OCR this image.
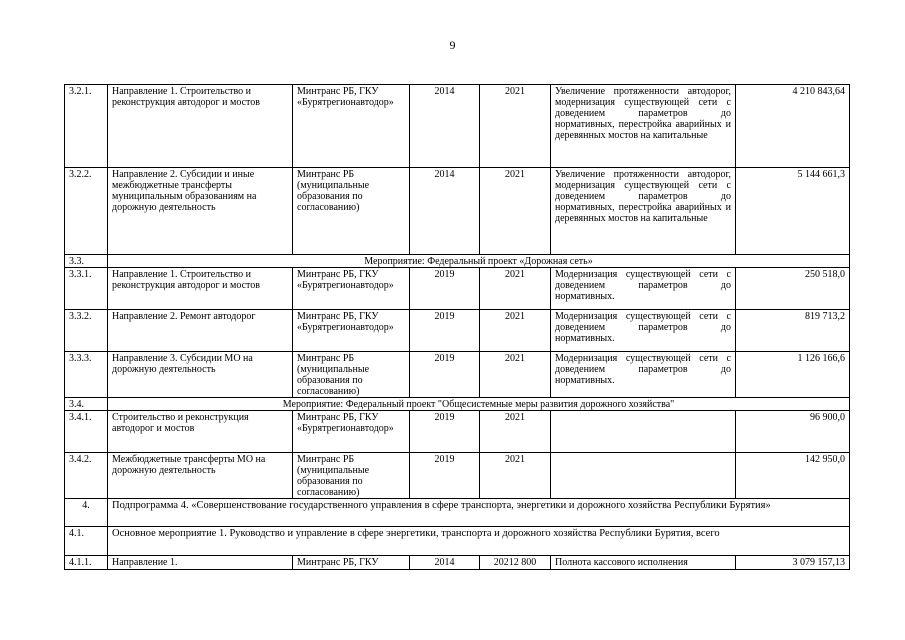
9
3.2.1.	Направление 1. Строительство и реконструкция автодорог и мостов	Минтранс РБ, ГКУ «Бурятрегионавтодор»	2014	2021	Увеличение протяженности автодорог, модернизация существующей сети с доведением параметров до нормативных, перестройка аварийных и деревянных мостов на капитальные	4 210 843,64
3.2.2.	Направление 2. Субсидии и иные межбюджетные трансферты муниципальным образованиям на дорожную деятельность	Минтранс РБ (муниципальные образования по согласованию)	2014	2021	Увеличение протяженности автодорог, модернизация существующей сети с доведением параметров до нормативных, перестройка аварийных и деревянных мостов на капитальные	5 144 661,3
3.3.	Мероприятие: Федеральный проект «Дорожная сеть»					
3.3.1.	Направление 1. Строительство и реконструкция автодорог и мостов	Минтранс РБ, ГКУ «Бурятрегионавтодор»	2019	2021	Модернизация существующей сети с доведением параметров до нормативных.	250 518,0
3.3.2.	Направление 2. Ремонт автодорог	Минтранс РБ, ГКУ «Бурятрегионавтодор»	2019	2021	Модернизация существующей сети с доведением параметров до нормативных.	819 713,2
3.3.3.	Направление 3. Субсидии МО на дорожную деятельность	Минтранс РБ (муниципальные образования по согласованию)	2019	2021	Модернизация существующей сети с доведением параметров до нормативных.	1 126 166,6
3.4.	Мероприятие: Федеральный проект "Общесистемные меры развития дорожного хозяйства"					
3.4.1.	Строительство и реконструкция автодорог и мостов	Минтранс РБ, ГКУ «Бурятрегионавтодор»	2019	2021		96 900,0
3.4.2.	Межбюджетные трансферты МО на дорожную деятельность	Минтранс РБ (муниципальные образования по согласованию)	2019	2021		142 950,0
4.	Подпрограмма 4. «Совершенствование государственного управления в сфере транспорта, энергетики и дорожного хозяйства Республики Бурятия»					
4.1.	Основное мероприятие 1. Руководство и управление в сфере энергетики, транспорта и дорожного хозяйства Республики Бурятия, всего					
4.1.1.	Направление 1.	Минтранс РБ, ГКУ	2014	20212 800	Полнота кассового исполнения	3 079 157,13
